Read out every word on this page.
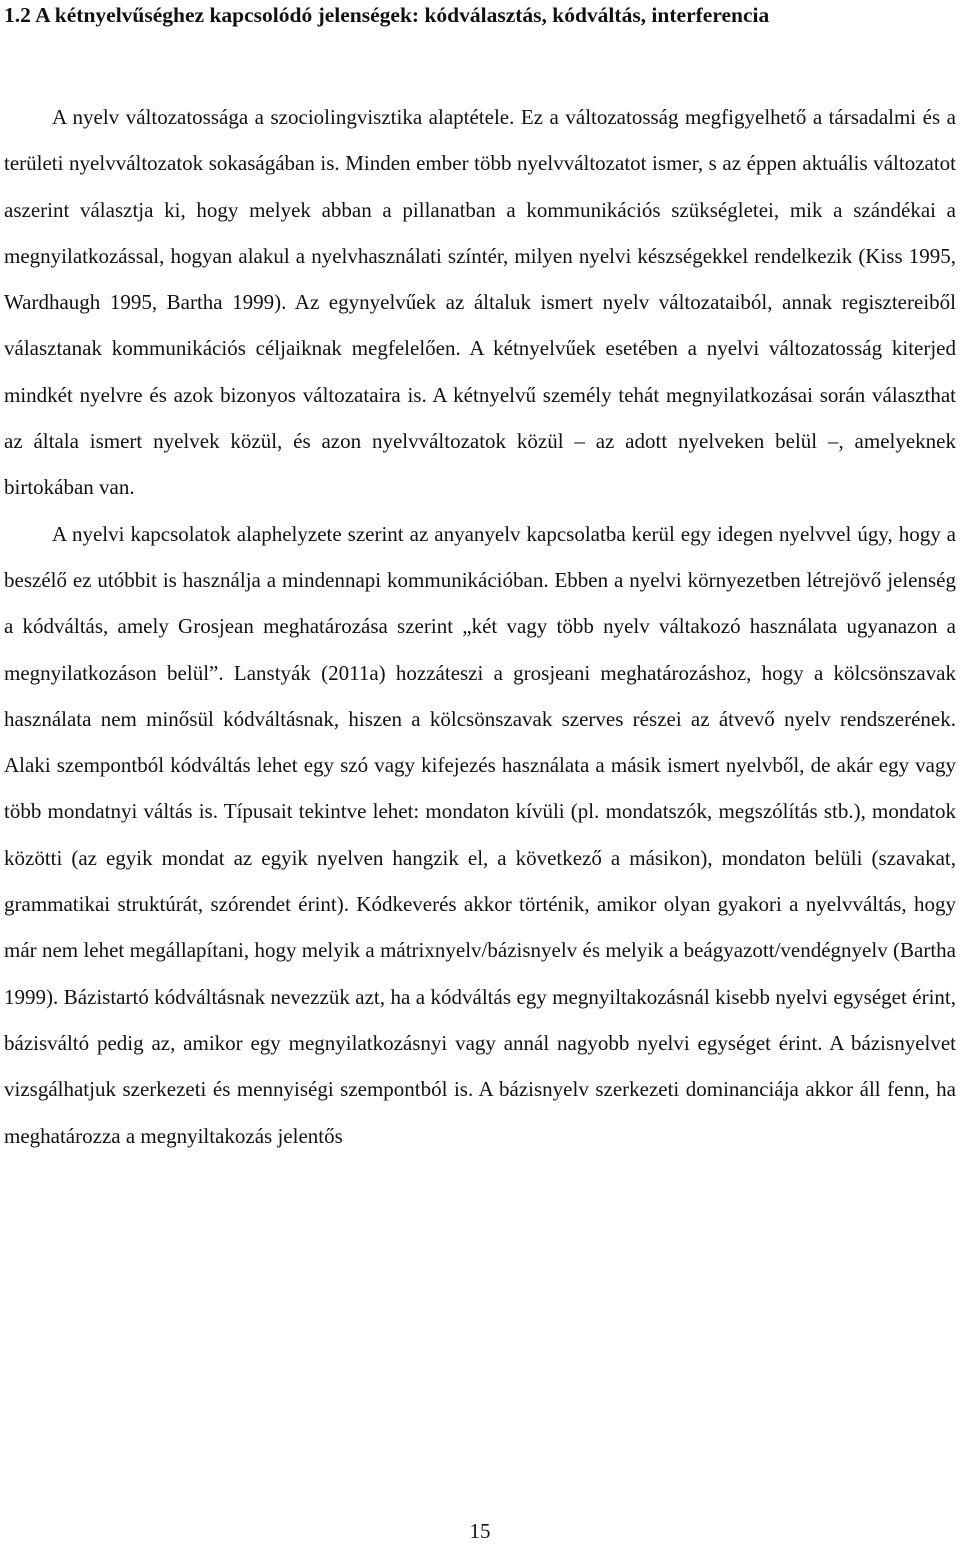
1.2 A kétnyelvűséghez kapcsolódó jelenségek: kódválasztás, kódváltás, interferencia

A nyelv változatossága a szociolingvisztika alaptétele. Ez a változatosság megfigyelhető a társadalmi és a területi nyelvváltozatok sokaságában is. Minden ember több nyelvváltozatot ismer, s az éppen aktuális változatot aszerint választja ki, hogy melyek abban a pillanatban a kommunikációs szükségletei, mik a szándékai a megnyilatkozással, hogyan alakul a nyelvhasználati színtér, milyen nyelvi készségekkel rendelkezik (Kiss 1995, Wardhaugh 1995, Bartha 1999). Az egynyelvűek az általuk ismert nyelv változataiból, annak regisztereiből választanak kommunikációs céljaiknak megfelelően. A kétnyelvűek esetében a nyelvi változatosság kiterjed mindkét nyelvre és azok bizonyos változataira is. A kétnyelvű személy tehát megnyilatkozásai során választhat az általa ismert nyelvek közül, és azon nyelvváltozatok közül – az adott nyelveken belül –, amelyeknek birtokában van.

A nyelvi kapcsolatok alaphelyzete szerint az anyanyelv kapcsolatba kerül egy idegen nyelvvel úgy, hogy a beszélő ez utóbbit is használja a mindennapi kommunikációban. Ebben a nyelvi környezetben létrejövő jelenség a kódváltás, amely Grosjean meghatározása szerint „két vagy több nyelv váltakozó használata ugyanazon a megnyilatkozáson belül”. Lanstyák (2011a) hozzáteszi a grosjeani meghatározáshoz, hogy a kölcsönszavak használata nem minősül kódváltásnak, hiszen a kölcsönszavak szerves részei az átvevő nyelv rendszerének. Alaki szempontból kódváltás lehet egy szó vagy kifejezés használata a másik ismert nyelvből, de akár egy vagy több mondatnyi váltás is. Típusait tekintve lehet: mondaton kívüli (pl. mondatszók, megszólítás stb.), mondatok közötti (az egyik mondat az egyik nyelven hangzik el, a következő a másikon), mondaton belüli (szavakat, grammatikai struktúrát, szórendet érint). Kódkeverés akkor történik, amikor olyan gyakori a nyelvváltás, hogy már nem lehet megállapítani, hogy melyik a mátrixnyelv/bázisnyelv és melyik a beágyazott/vendégnyelv (Bartha 1999). Bázistartó kódváltásnak nevezzük azt, ha a kódváltás egy megnyiltakozásnál kisebb nyelvi egységet érint, bázisváltó pedig az, amikor egy megnyilatkozásnyi vagy annál nagyobb nyelvi egységet érint. A bázisnyelvet vizsgálhatjuk szerkezeti és mennyiségi szempontból is. A bázisnyelv szerkezeti dominanciája akkor áll fenn, ha meghatározza a megnyiltakozás jelentős

15
